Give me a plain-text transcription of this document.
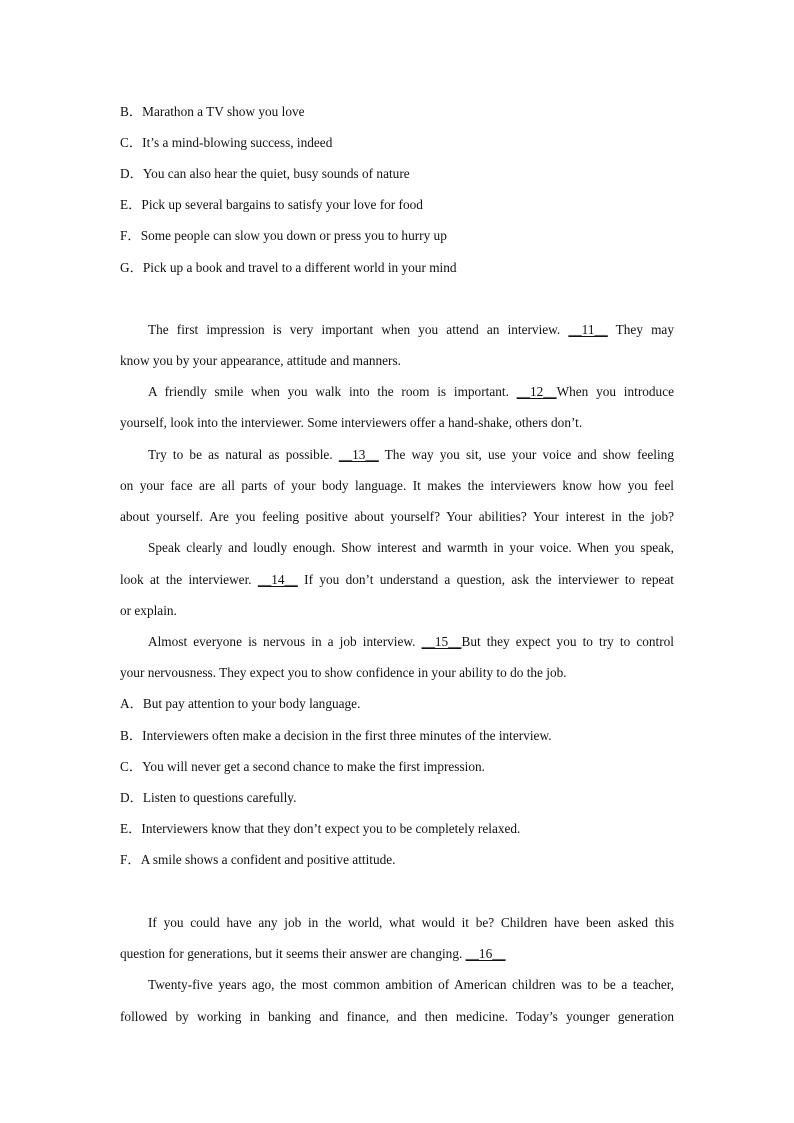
B．Marathon a TV show you love
C．It’s a mind-blowing success, indeed
D．You can also hear the quiet, busy sounds of nature
E．Pick up several bargains to satisfy your love for food
F．Some people can slow you down or press you to hurry up
G．Pick up a book and travel to a different world in your mind
The first impression is very important when you attend an interview. __11__ They may
know you by your appearance, attitude and manners.
A friendly smile when you walk into the room is important. __12__When you introduce
yourself, look into the interviewer. Some interviewers offer a hand-shake, others don’t.
Try to be as natural as possible. __13__ The way you sit, use your voice and show feeling
on your face are all parts of your body language. It makes the interviewers know how you feel
about yourself. Are you feeling positive about yourself? Your abilities? Your interest in the job?
Speak clearly and loudly enough. Show interest and warmth in your voice. When you speak,
look at the interviewer. __14__ If you don’t understand a question, ask the interviewer to repeat
or explain.
Almost everyone is nervous in a job interview. __15__But they expect you to try to control
your nervousness. They expect you to show confidence in your ability to do the job.
A．But pay attention to your body language.
B．Interviewers often make a decision in the first three minutes of the interview.
C．You will never get a second chance to make the first impression.
D．Listen to questions carefully.
E．Interviewers know that they don’t expect you to be completely relaxed.
F．A smile shows a confident and positive attitude.
If you could have any job in the world, what would it be? Children have been asked this
question for generations, but it seems their answer are changing. __16__
Twenty-five years ago, the most common ambition of American children was to be a teacher,
followed by working in banking and finance, and then medicine. Today’s younger generation
